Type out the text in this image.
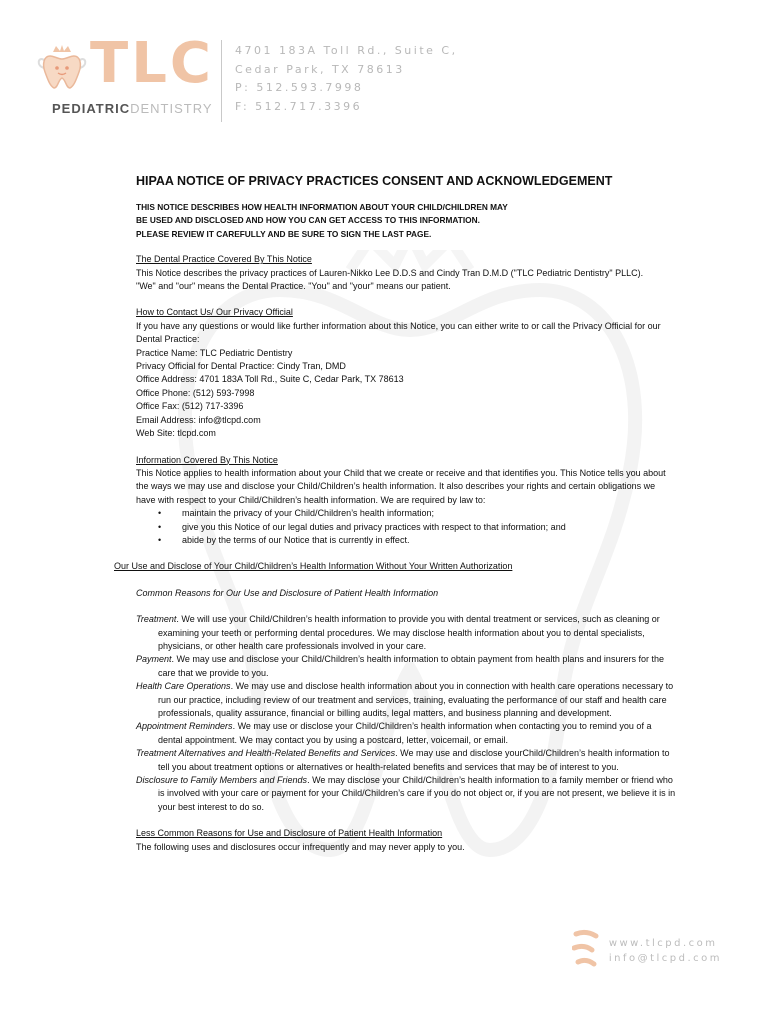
TLC
PEDIATRICDENTISTRY
4701 183A Toll Rd., Suite C,
Cedar Park, TX 78613
P: 512.593.7998
F: 512.717.3396
HIPAA NOTICE OF PRIVACY PRACTICES CONSENT AND ACKNOWLEDGEMENT
THIS NOTICE DESCRIBES HOW HEALTH INFORMATION ABOUT YOUR CHILD/CHILDREN MAY
BE USED AND DISCLOSED AND HOW YOU CAN GET ACCESS TO THIS INFORMATION.
PLEASE REVIEW IT CAREFULLY AND BE SURE TO SIGN THE LAST PAGE.
The Dental Practice Covered By This Notice
This Notice describes the privacy practices of Lauren-Nikko Lee D.D.S and Cindy Tran D.M.D ("TLC Pediatric Dentistry" PLLC).
"We" and "our" means the Dental Practice. "You" and "your" means our patient.
How to Contact Us/ Our Privacy Official
If you have any questions or would like further information about this Notice, you can either write to or call the Privacy Official for our Dental Practice:
Practice Name: TLC Pediatric Dentistry
Privacy Official for Dental Practice: Cindy Tran, DMD
Office Address: 4701 183A Toll Rd., Suite C, Cedar Park, TX 78613
Office Phone: (512) 593-7998
Office Fax: (512) 717-3396
Email Address: info@tlcpd.com
Web Site: tlcpd.com
Information Covered By This Notice
This Notice applies to health information about your Child that we create or receive and that identifies you. This Notice tells you about the ways we may use and disclose your Child/Children’s health information. It also describes your rights and certain obligations we have with respect to your Child/Children’s health information. We are required by law to:
• maintain the privacy of your Child/Children’s health information;
• give you this Notice of our legal duties and privacy practices with respect to that information; and
• abide by the terms of our Notice that is currently in effect.
Our Use and Disclose of Your Child/Children’s Health Information Without Your Written Authorization
Common Reasons for Our Use and Disclosure of Patient Health Information
Treatment. We will use your Child/Children’s health information to provide you with dental treatment or services, such as cleaning or examining your teeth or performing dental procedures. We may disclose health information about you to dental specialists, physicians, or other health care professionals involved in your care.
Payment. We may use and disclose your Child/Children’s health information to obtain payment from health plans and insurers for the care that we provide to you.
Health Care Operations. We may use and disclose health information about you in connection with health care operations necessary to run our practice, including review of our treatment and services, training, evaluating the performance of our staff and health care professionals, quality assurance, financial or billing audits, legal matters, and business planning and development.
Appointment Reminders. We may use or disclose your Child/Children’s health information when contacting you to remind you of a dental appointment. We may contact you by using a postcard, letter, voicemail, or email.
Treatment Alternatives and Health-Related Benefits and Services. We may use and disclose yourChild/Children’s health information to tell you about treatment options or alternatives or health-related benefits and services that may be of interest to you.
Disclosure to Family Members and Friends. We may disclose your Child/Children’s health information to a family member or friend who is involved with your care or payment for your Child/Children’s care if you do not object or, if you are not present, we believe it is in your best interest to do so.
Less Common Reasons for Use and Disclosure of Patient Health Information
The following uses and disclosures occur infrequently and may never apply to you.
www.tlcpd.com
info@tlcpd.com
